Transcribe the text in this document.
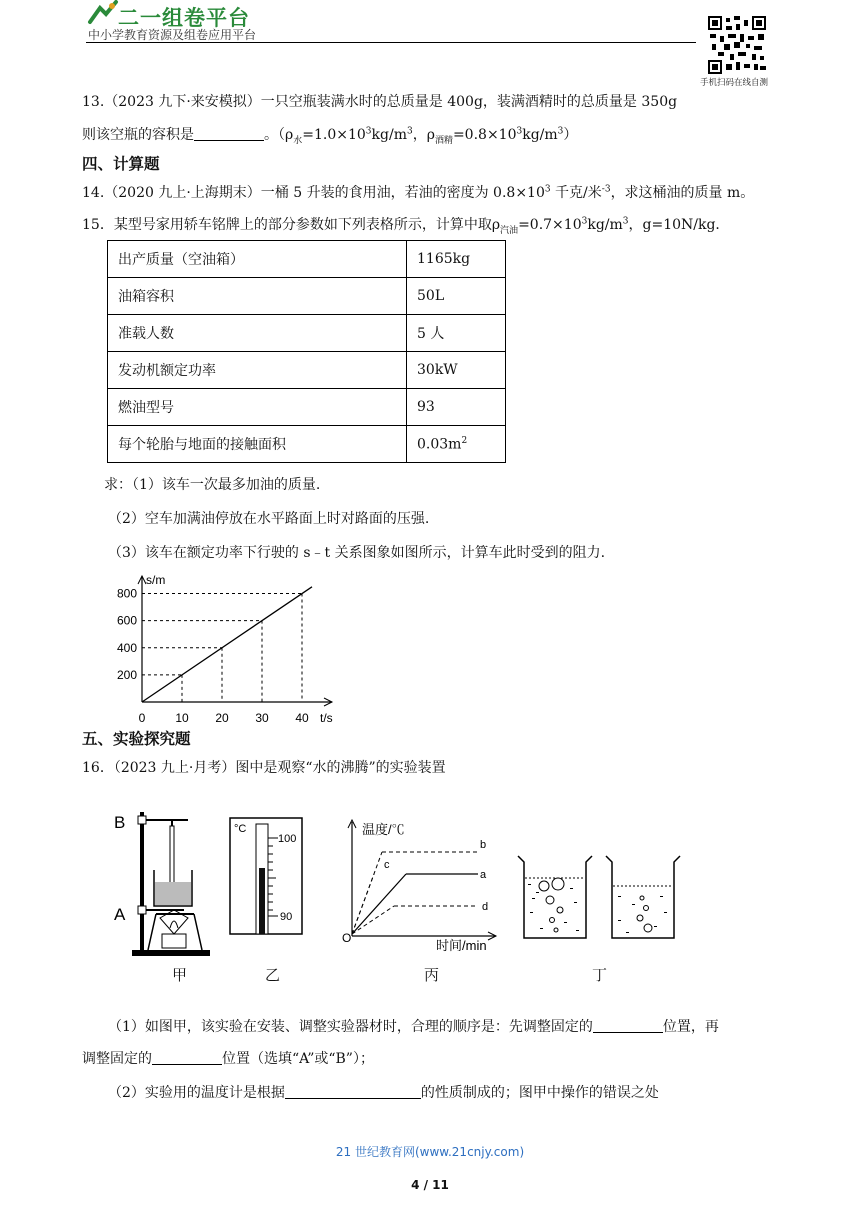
二一组卷平台
中小学教育资源及组卷应用平台
手机扫码在线自测
13.（2023 九下·来安模拟）一只空瓶装满水时的总质量是 400g，装满酒精时的总质量是 350g
则该空瓶的容积是	。（$\rho_水=1.0\times 10^3kg/m^3$，$\rho_{酒精}=0.8\times 10^3kg/m^3$）
四、计算题
14.（2020 九上·上海期末）一桶 5 升装的食用油，若油的密度为 $0.8\times 10^3$ 千克/米$^{-3}$，求这桶油的质量 m。
15．某型号家用轿车铭牌上的部分参数如下列表格所示，计算中取$\rho_{汽油}=0.7\times 10^3kg/m^3$，g=10N/kg．
出产质量（空油箱）	1165kg
油箱容积	50L
准载人数	5 人
发动机额定功率	30kW
燃油型号	93
每个轮胎与地面的接触面积	$0.03m^2$
求：（1）该车一次最多加油的质量.
（2）空车加满油停放在水平路面上时对路面的压强.
（3）该车在额定功率下行驶的 s﹣t 关系图象如图所示，计算车此时受到的阻力.
s/m
t/s
0 10 20 30 40
200
400
600
800
五、实验探究题
16．（2023 九上·月考）图中是观察“水的沸腾”的实验装置
B
A
°C
100
90
温度/℃
时间/min
O
a
b
c
d
甲	乙	丙	丁
（1）如图甲，该实验在安装、调整实验器材时，合理的顺序是：先调整固定的	位置，再
调整固定的	位置（选填“A”或“B”）；
（2）实验用的温度计是根据	的性质制成的；图甲中操作的错误之处
21 世纪教育网(www.21cnjy.com)
4 / 11
